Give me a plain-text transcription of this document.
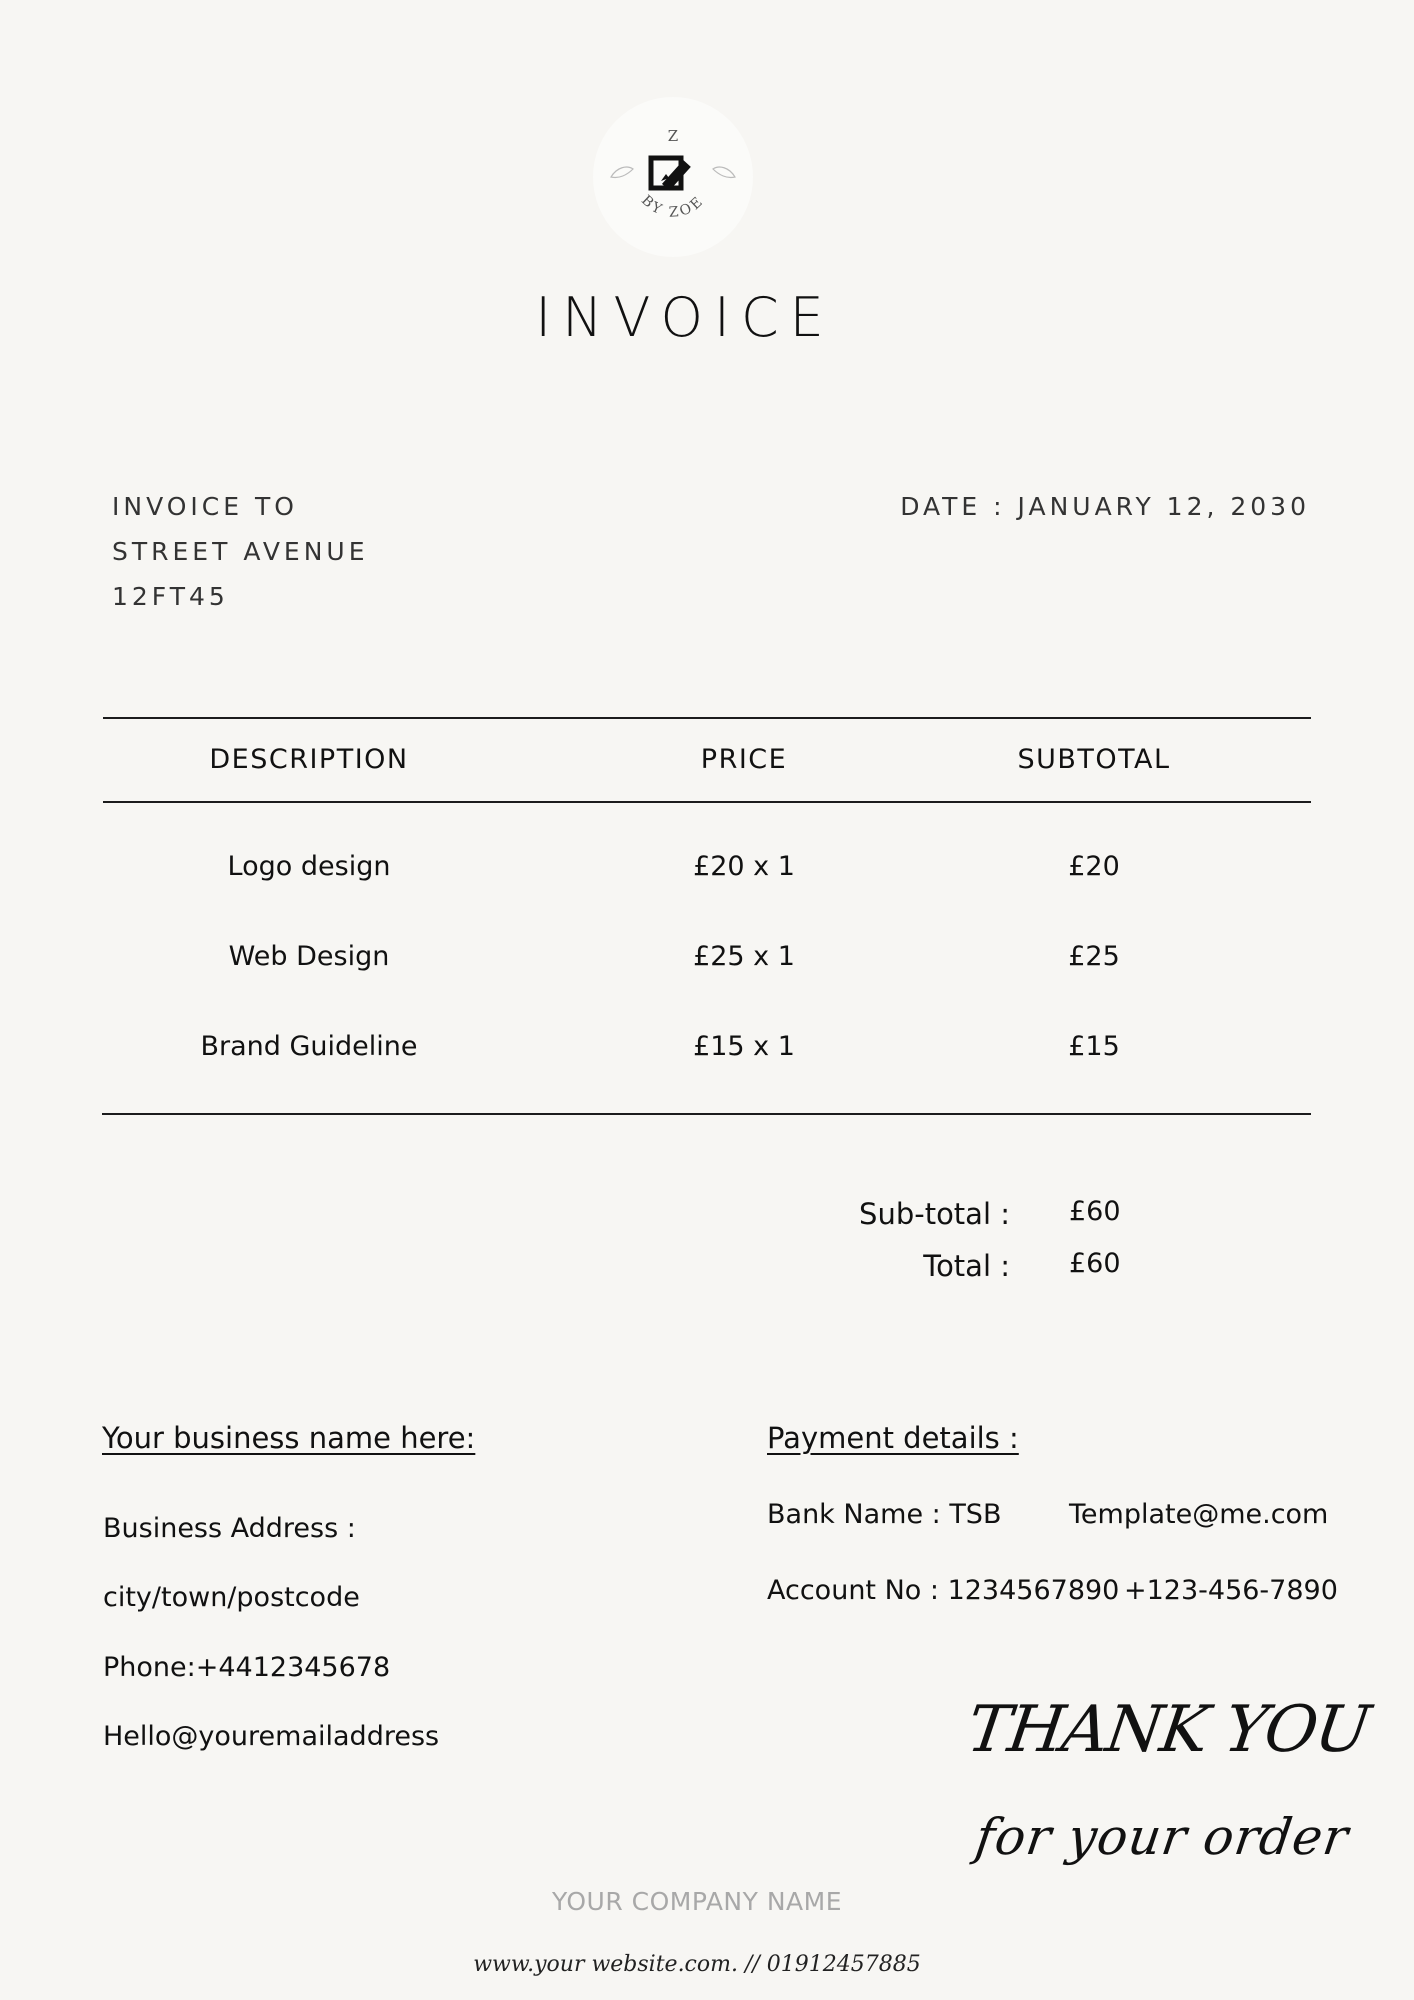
Z
BY ZOE
INVOICE
INVOICE TO
STREET AVENUE
12FT45
DATE : JANUARY 12, 2030
DESCRIPTION	PRICE	SUBTOTAL
Logo design	£20 x 1	£20
Web Design	£25 x 1	£25
Brand Guideline	£15 x 1	£15
Sub-total : £60
Total : £60
Your business name here:
Business Address :
city/town/postcode
Phone:+4412345678
Hello@youremailaddress
Payment details :
Bank Name : TSB	Template@me.com
Account No : 1234567890 +123-456-7890
THANK YOU
for your order
YOUR COMPANY NAME
www.your website.com. // 01912457885
